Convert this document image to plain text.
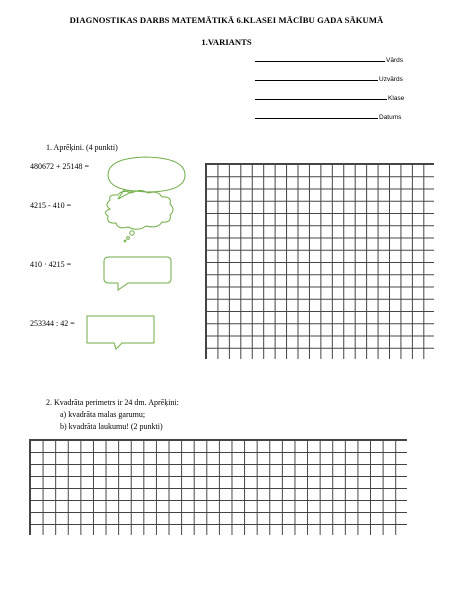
DIAGNOSTIKAS DARBS MATEMĀTIKĀ 6.KLASEI MĀCĪBU GADA SĀKUMĀ
1.VARIANTS
Vārds
Uzvārds
Klase
Datums
1. Aprēķini. (4 punkti)
480672 + 25148 =
4215 - 410 =
410 · 4215 =
253344 : 42 =
2. Kvadrāta perimetrs ir 24 dm. Aprēķini:
a) kvadrāta malas garumu;
b) kvadrāta laukumu! (2 punkti)
